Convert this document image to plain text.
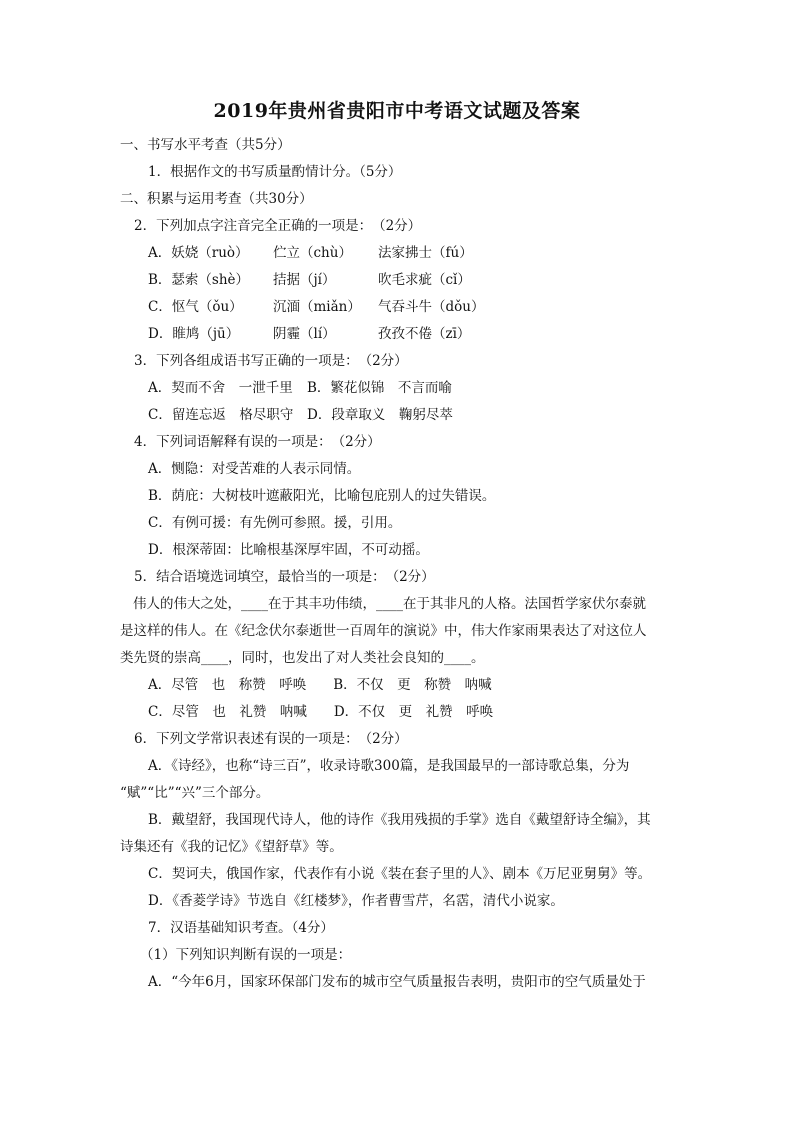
2019年贵州省贵阳市中考语文试题及答案
一、书写水平考查（共5分）
1．根据作文的书写质量酌情计分。（5分）
二、积累与运用考查（共30分）
2．下列加点字注音完全正确的一项是：　（2分）
A．妖娆（ruò）	伫立（chù）	法家拂士（fú）
B．瑟索（shè）	拮据（jí）	吹毛求疵（cǐ）
C．怄气（ǒu）	沉湎（miǎn）	气吞斗牛（dǒu）
D．睢鸠（jū）	阴霾（lí）	孜孜不倦（zī）
3．下列各组成语书写正确的一项是：　（2分）
A．契而不舍　一泄千里	B．繁花似锦　不言而喻
C．留连忘返　格尽职守	D．段章取义　鞠躬尽萃
4．下列词语解释有误的一项是：　（2分）
A．恻隐：对受苦难的人表示同情。
B．荫庇：大树枝叶遮蔽阳光，比喻包庇别人的过失错误。
C．有例可援：有先例可参照。援，引用。
D．根深蒂固：比喻根基深厚牢固，不可动摇。
5．结合语境选词填空，最恰当的一项是：　（2分）
伟人的伟大之处，____在于其丰功伟绩，____在于其非凡的人格。法国哲学家伏尔泰就
是这样的伟人。在《纪念伏尔泰逝世一百周年的演说》中，伟大作家雨果表达了对这位人
类先贤的崇高____，同时，也发出了对人类社会良知的____。
A．尽管　也　称赞　呼唤　　B．不仅　更　称赞　呐喊
C．尽管　也　礼赞　呐喊　　D．不仅　更　礼赞　呼唤
6．下列文学常识表述有误的一项是：　（2分）
A．《诗经》，也称“诗三百”，收录诗歌300篇，是我国最早的一部诗歌总集，分为
“赋”“比”“兴”三个部分。
B．戴望舒，我国现代诗人，他的诗作《我用残损的手掌》选自《戴望舒诗全编》，其
诗集还有《我的记忆》《望舒草》等。
C．契诃夫，俄国作家，代表作有小说《装在套子里的人》、剧本《万尼亚舅舅》等。
D．《香菱学诗》节选自《红楼梦》，作者曹雪芹，名霑，清代小说家。
7．汉语基础知识考查。（4分）
（1）下列知识判断有误的一项是：
A．“今年6月，国家环保部门发布的城市空气质量报告表明，贵阳市的空气质量处于
